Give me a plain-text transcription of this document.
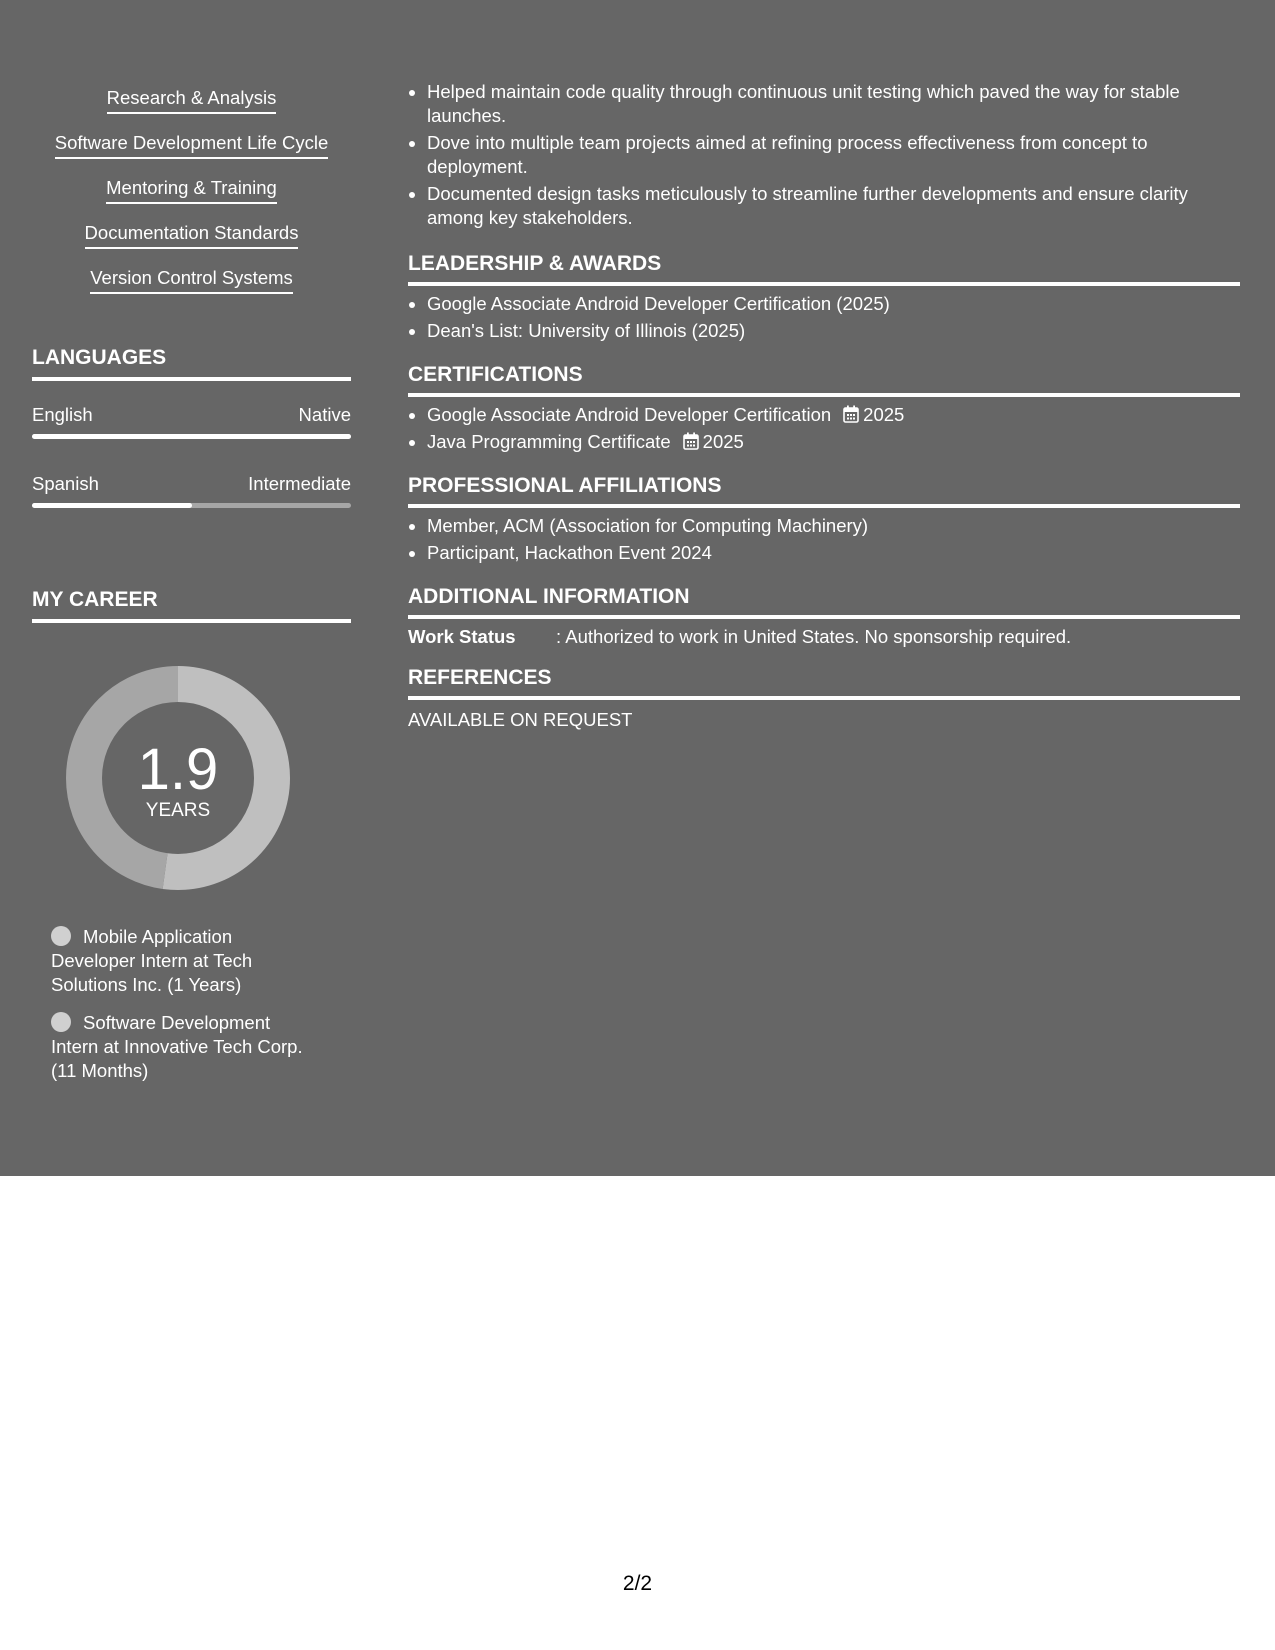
Research & Analysis
Software Development Life Cycle
Mentoring & Training
Documentation Standards
Version Control Systems
LANGUAGES
English	Native
Spanish	Intermediate
MY CAREER
1.9
YEARS
Mobile Application Developer Intern at Tech Solutions Inc. (1 Years)
Software Development Intern at Innovative Tech Corp. (11 Months)
• Helped maintain code quality through continuous unit testing which paved the way for stable launches.
• Dove into multiple team projects aimed at refining process effectiveness from concept to deployment.
• Documented design tasks meticulously to streamline further developments and ensure clarity among key stakeholders.
LEADERSHIP & AWARDS
• Google Associate Android Developer Certification (2025)
• Dean's List: University of Illinois (2025)
CERTIFICATIONS
• Google Associate Android Developer Certification 2025
• Java Programming Certificate 2025
PROFESSIONAL AFFILIATIONS
• Member, ACM (Association for Computing Machinery)
• Participant, Hackathon Event 2024
ADDITIONAL INFORMATION
Work Status : Authorized to work in United States. No sponsorship required.
REFERENCES
AVAILABLE ON REQUEST
2/2
